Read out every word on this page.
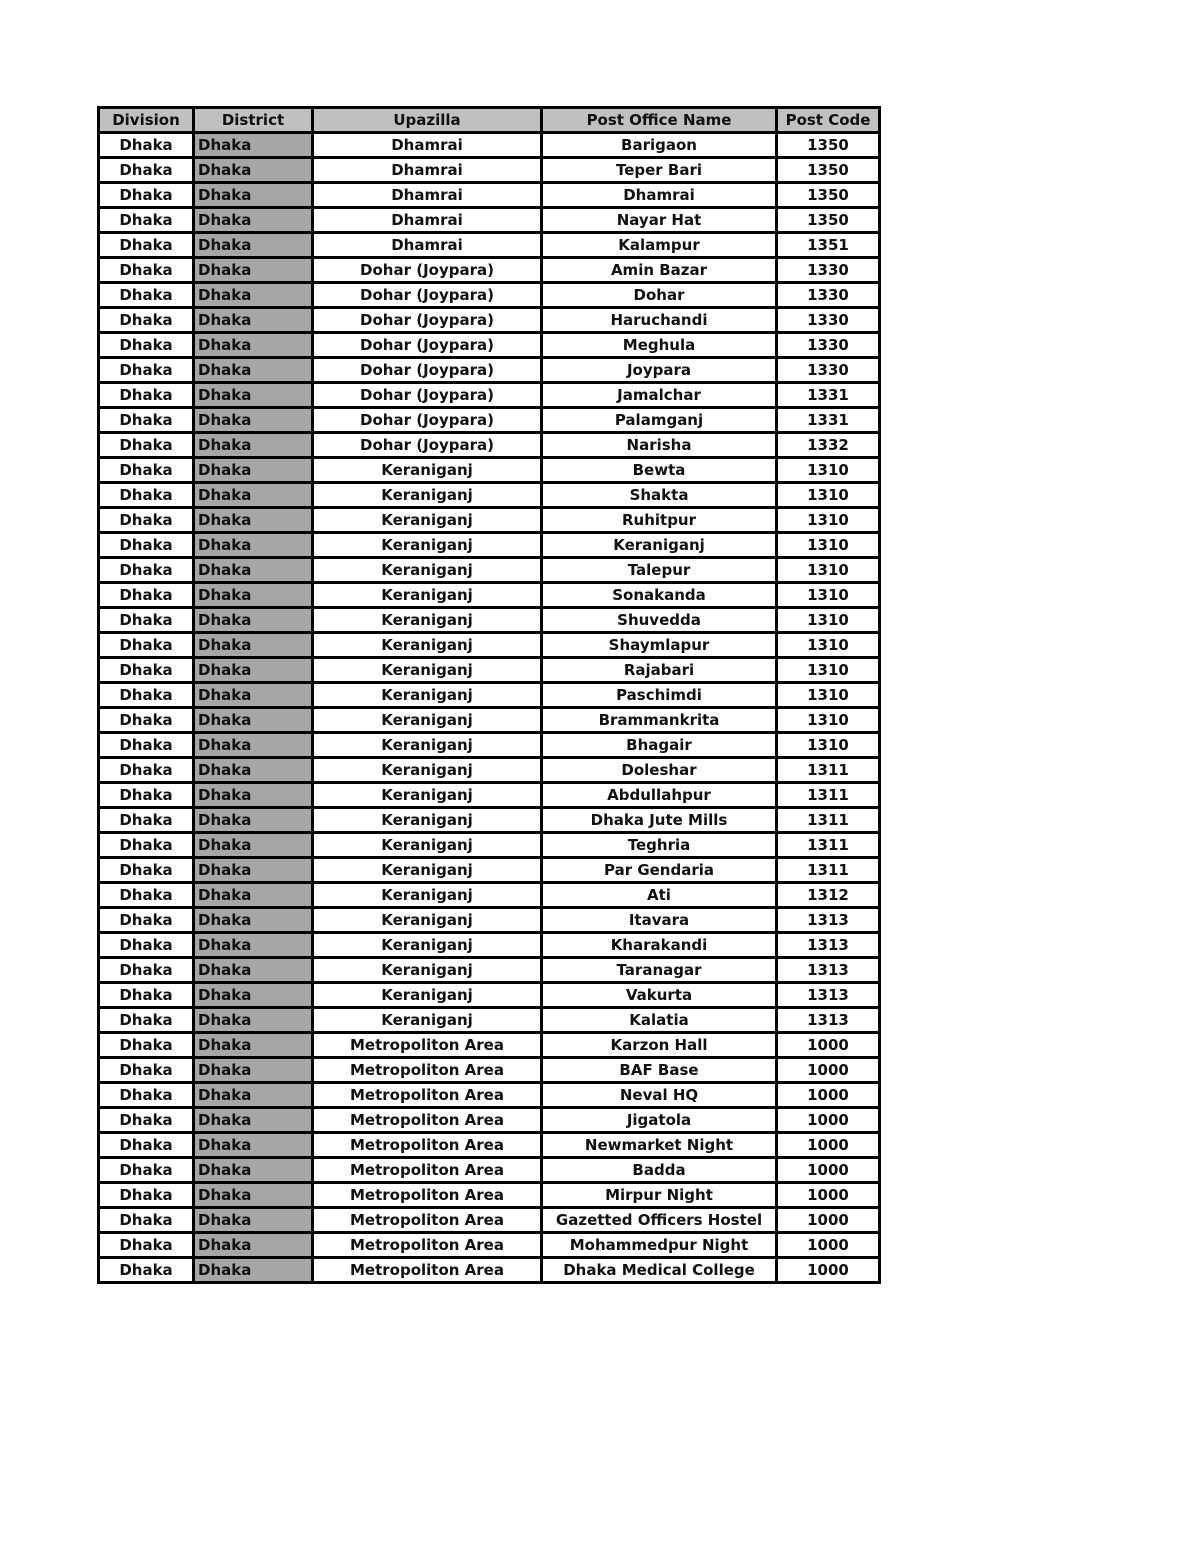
Division	District	Upazilla	Post Office Name	Post Code
Dhaka	Dhaka	Dhamrai	Barigaon	1350
Dhaka	Dhaka	Dhamrai	Teper Bari	1350
Dhaka	Dhaka	Dhamrai	Dhamrai	1350
Dhaka	Dhaka	Dhamrai	Nayar Hat	1350
Dhaka	Dhaka	Dhamrai	Kalampur	1351
Dhaka	Dhaka	Dohar (Joypara)	Amin Bazar	1330
Dhaka	Dhaka	Dohar (Joypara)	Dohar	1330
Dhaka	Dhaka	Dohar (Joypara)	Haruchandi	1330
Dhaka	Dhaka	Dohar (Joypara)	Meghula	1330
Dhaka	Dhaka	Dohar (Joypara)	Joypara	1330
Dhaka	Dhaka	Dohar (Joypara)	Jamalchar	1331
Dhaka	Dhaka	Dohar (Joypara)	Palamganj	1331
Dhaka	Dhaka	Dohar (Joypara)	Narisha	1332
Dhaka	Dhaka	Keraniganj	Bewta	1310
Dhaka	Dhaka	Keraniganj	Shakta	1310
Dhaka	Dhaka	Keraniganj	Ruhitpur	1310
Dhaka	Dhaka	Keraniganj	Keraniganj	1310
Dhaka	Dhaka	Keraniganj	Talepur	1310
Dhaka	Dhaka	Keraniganj	Sonakanda	1310
Dhaka	Dhaka	Keraniganj	Shuvedda	1310
Dhaka	Dhaka	Keraniganj	Shaymlapur	1310
Dhaka	Dhaka	Keraniganj	Rajabari	1310
Dhaka	Dhaka	Keraniganj	Paschimdi	1310
Dhaka	Dhaka	Keraniganj	Brammankrita	1310
Dhaka	Dhaka	Keraniganj	Bhagair	1310
Dhaka	Dhaka	Keraniganj	Doleshar	1311
Dhaka	Dhaka	Keraniganj	Abdullahpur	1311
Dhaka	Dhaka	Keraniganj	Dhaka Jute Mills	1311
Dhaka	Dhaka	Keraniganj	Teghria	1311
Dhaka	Dhaka	Keraniganj	Par Gendaria	1311
Dhaka	Dhaka	Keraniganj	Ati	1312
Dhaka	Dhaka	Keraniganj	Itavara	1313
Dhaka	Dhaka	Keraniganj	Kharakandi	1313
Dhaka	Dhaka	Keraniganj	Taranagar	1313
Dhaka	Dhaka	Keraniganj	Vakurta	1313
Dhaka	Dhaka	Keraniganj	Kalatia	1313
Dhaka	Dhaka	Metropoliton Area	Karzon Hall	1000
Dhaka	Dhaka	Metropoliton Area	BAF Base	1000
Dhaka	Dhaka	Metropoliton Area	Neval HQ	1000
Dhaka	Dhaka	Metropoliton Area	Jigatola	1000
Dhaka	Dhaka	Metropoliton Area	Newmarket Night	1000
Dhaka	Dhaka	Metropoliton Area	Badda	1000
Dhaka	Dhaka	Metropoliton Area	Mirpur Night	1000
Dhaka	Dhaka	Metropoliton Area	Gazetted Officers Hostel	1000
Dhaka	Dhaka	Metropoliton Area	Mohammedpur Night	1000
Dhaka	Dhaka	Metropoliton Area	Dhaka Medical College	1000
